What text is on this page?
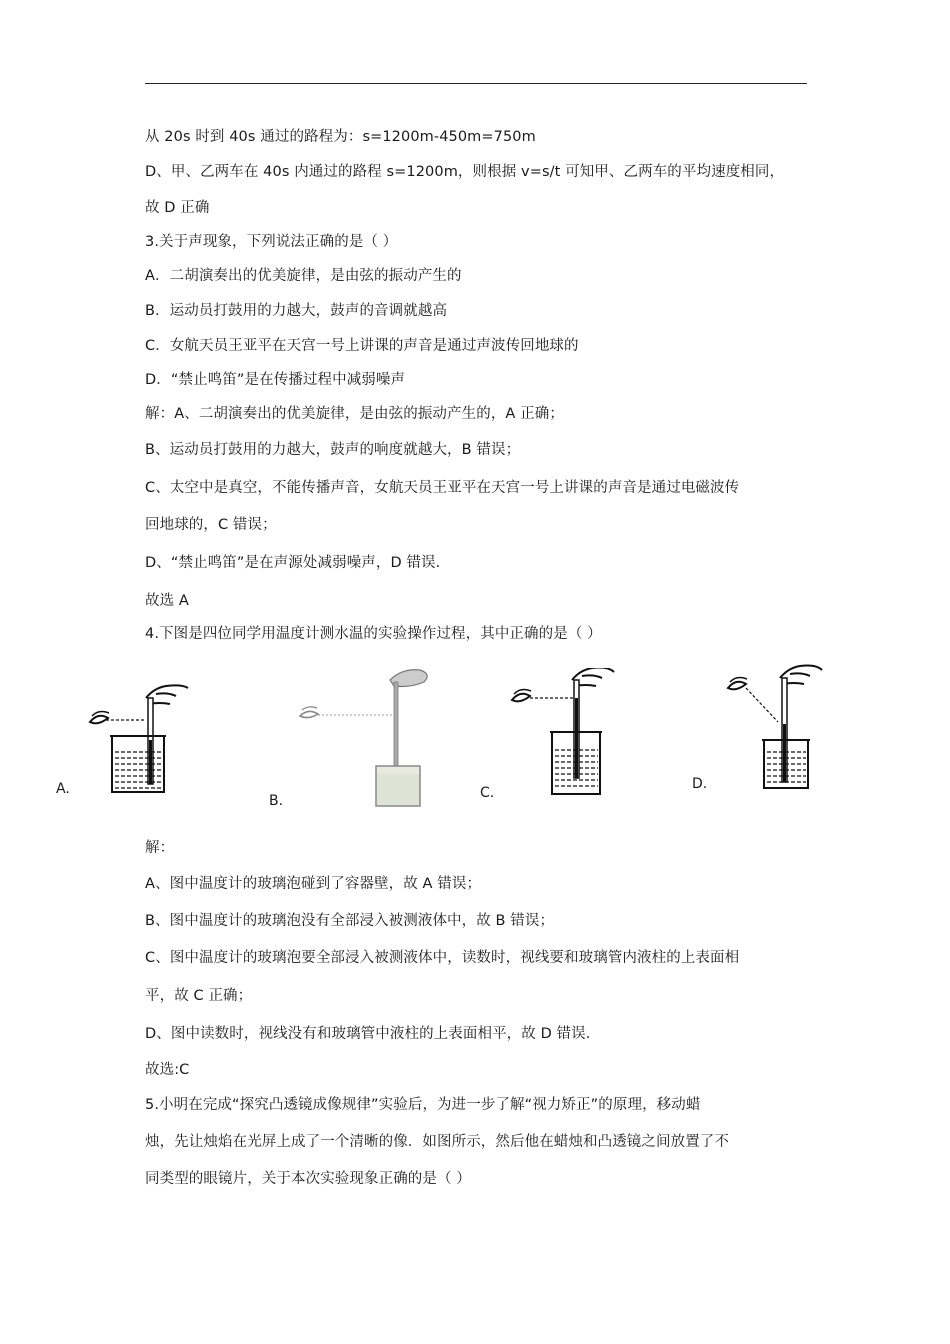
从 20s 时到 40s 通过的路程为：s=1200m-450m=750m
D、甲、乙两车在 40s 内通过的路程 s=1200m，则根据 v=s/t 可知甲、乙两车的平均速度相同，
故 D 正确
3.关于声现象，下列说法正确的是（ ）
A．二胡演奏出的优美旋律，是由弦的振动产生的
B．运动员打鼓用的力越大，鼓声的音调就越高
C．女航天员王亚平在天宫一号上讲课的声音是通过声波传回地球的
D．“禁止鸣笛”是在传播过程中减弱噪声
解：A、二胡演奏出的优美旋律，是由弦的振动产生的，A 正确；
B、运动员打鼓用的力越大，鼓声的响度就越大，B 错误；
C、太空中是真空，不能传播声音，女航天员王亚平在天宫一号上讲课的声音是通过电磁波传
回地球的，C 错误；
D、“禁止鸣笛”是在声源处减弱噪声，D 错误．
故选 A
4.下图是四位同学用温度计测水温的实验操作过程，其中正确的是（ ）
A.
B.	C.
D.
解：
A、图中温度计的玻璃泡碰到了容器壁，故 A 错误；
B、图中温度计的玻璃泡没有全部浸入被测液体中，故 B 错误；
C、图中温度计的玻璃泡要全部浸入被测液体中，读数时，视线要和玻璃管内液柱的上表面相
平，故 C 正确；
D、图中读数时，视线没有和玻璃管中液柱的上表面相平，故 D 错误．
故选:C
5.小明在完成“探究凸透镜成像规律”实验后，为进一步了解“视力矫正”的原理，移动蜡
烛，先让烛焰在光屏上成了一个清晰的像．如图所示，然后他在蜡烛和凸透镜之间放置了不
同类型的眼镜片，关于本次实验现象正确的是（ ）
